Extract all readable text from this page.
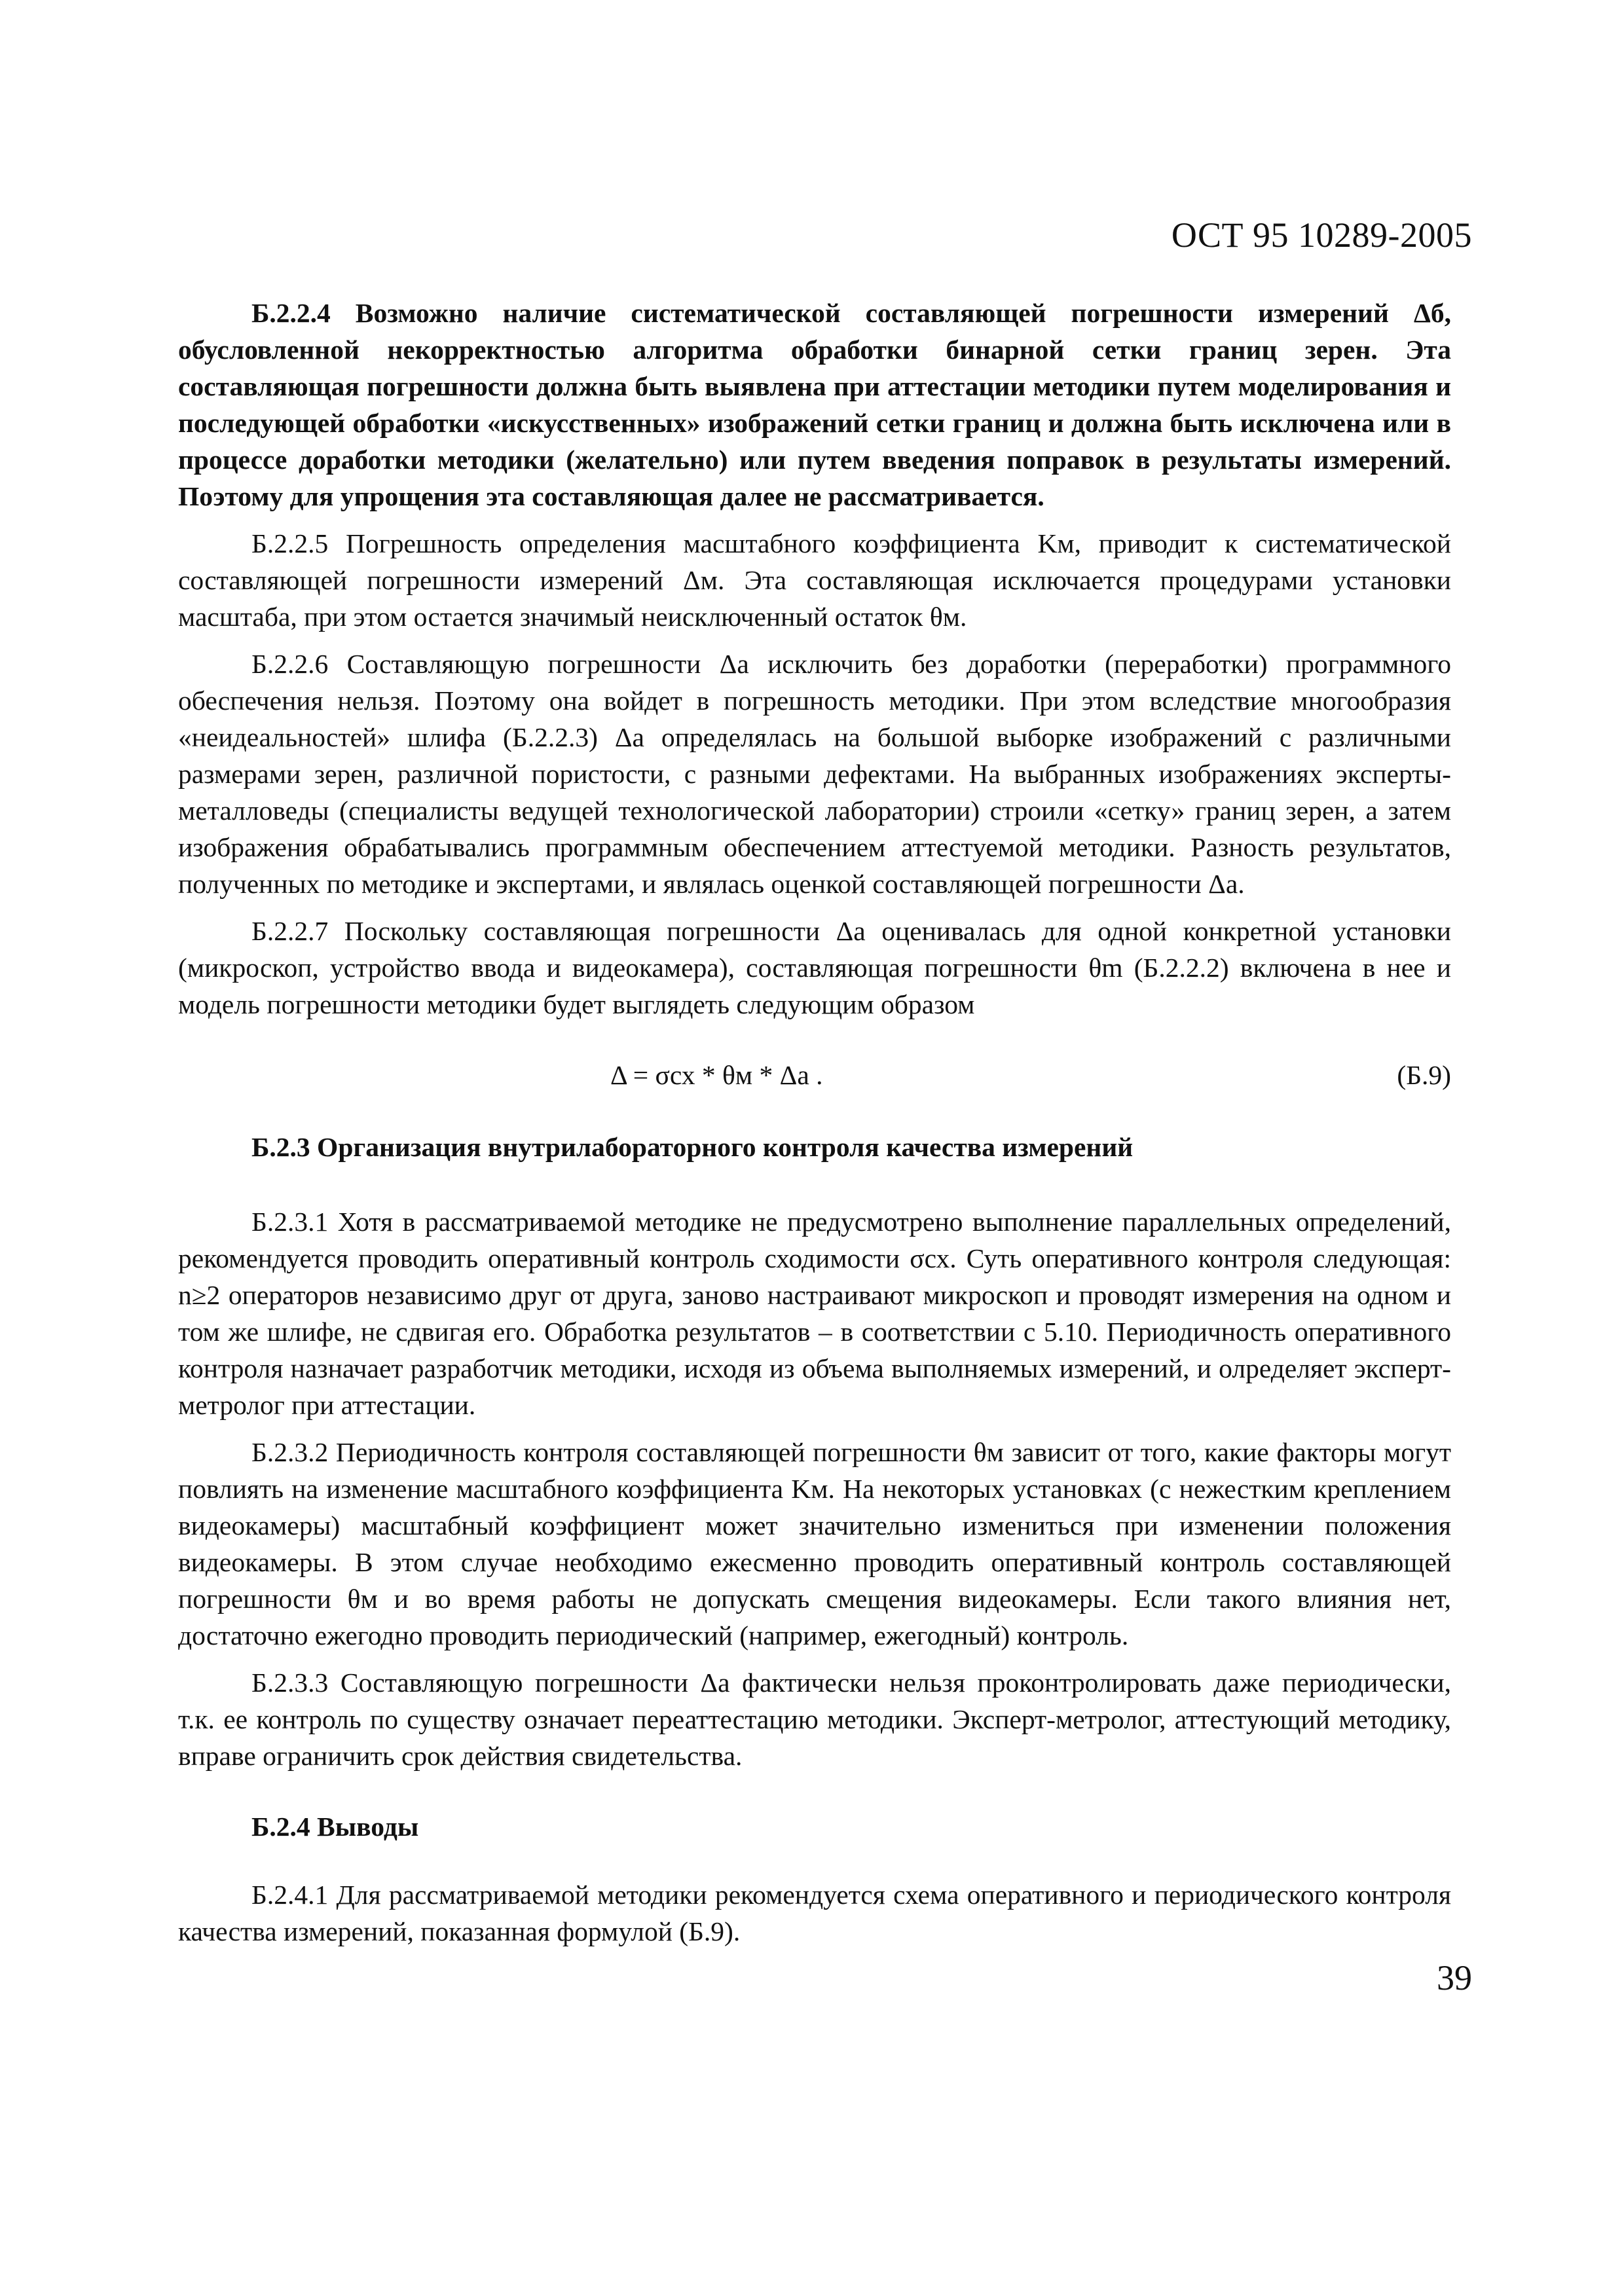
ОСТ 95 10289-2005

Б.2.2.4 Возможно наличие систематической составляющей погрешности измерений Δб, обусловленной некорректностью алгоритма обработки бинарной сетки границ зерен. Эта составляющая погрешности должна быть выявлена при аттестации методики путем моделирования и последующей обработки «искусственных» изображений сетки границ и должна быть исключена или в процессе доработки методики (желательно) или путем введения поправок в результаты измерений. Поэтому для упрощения эта составляющая далее не рассматривается.

Б.2.2.5 Погрешность определения масштабного коэффициента Kм, приводит к систематической составляющей погрешности измерений Δм. Эта составляющая исключается процедурами установки масштаба, при этом остается значимый неисключенный остаток θм.

Б.2.2.6 Составляющую погрешности Δа исключить без доработки (переработки) программного обеспечения нельзя. Поэтому она войдет в погрешность методики. При этом вследствие многообразия «неидеальностей» шлифа (Б.2.2.3) Δа определялась на большой выборке изображений с различными размерами зерен, различной пористости, с разными дефектами. На выбранных изображениях эксперты-металловеды (специалисты ведущей технологической лаборатории) строили «сетку» границ зерен, а затем изображения обрабатывались программным обеспечением аттестуемой методики. Разность результатов, полученных по методике и экспертами, и являлась оценкой составляющей погрешности Δа.

Б.2.2.7 Поскольку составляющая погрешности Δа оценивалась для одной конкретной установки (микроскоп, устройство ввода и видеокамера), составляющая погрешности θm (Б.2.2.2) включена в нее и модель погрешности методики будет выглядеть следующим образом

Δ = σсх * θм * Δа .	(Б.9)
Б.2.3 Организация внутрилабораторного контроля качества измерений

Б.2.3.1 Хотя в рассматриваемой методике не предусмотрено выполнение параллельных определений, рекомендуется проводить оперативный контроль сходимости σсх. Суть оперативного контроля следующая: n≥2 операторов независимо друг от друга, заново настраивают микроскоп и проводят измерения на одном и том же шлифе, не сдвигая его. Обработка результатов – в соответствии с 5.10. Периодичность оперативного контроля назначает разработчик методики, исходя из объема выполняемых измерений, и олределяет эксперт-метролог при аттестации.

Б.2.3.2 Периодичность контроля составляющей погрешности θм зависит от того, какие факторы могут повлиять на изменение масштабного коэффициента Kм. На некоторых установках (с нежестким креплением видеокамеры) масштабный коэффициент может значительно измениться при изменении положения видеокамеры. В этом случае необходимо ежесменно проводить оперативный контроль составляющей погрешности θм и во время работы не допускать смещения видеокамеры. Если такого влияния нет, достаточно ежегодно проводить периодический (например, ежегодный) контроль.

Б.2.3.3 Составляющую погрешности Δа фактически нельзя проконтролировать даже периодически, т.к. ее контроль по существу означает переаттестацию методики. Эксперт-метролог, аттестующий методику, вправе ограничить срок действия свидетельства.

Б.2.4 Выводы

Б.2.4.1 Для рассматриваемой методики рекомендуется схема оперативного и периодического контроля качества измерений, показанная формулой (Б.9).

39
